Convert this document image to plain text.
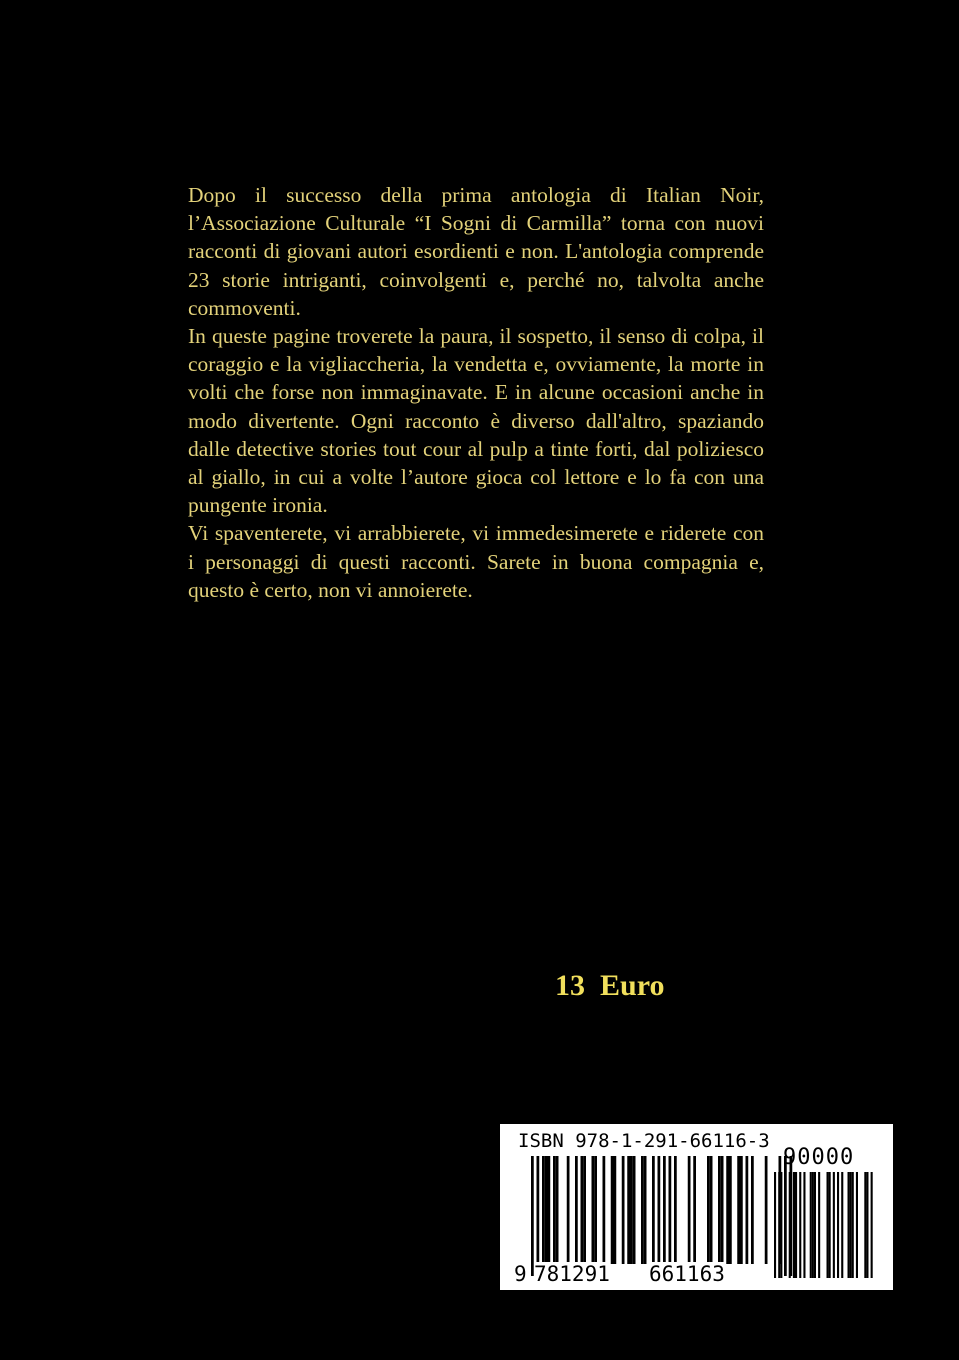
Dopo il successo della prima antologia di Italian Noir, l’Associazione Culturale “I Sogni di Carmilla” torna con nuovi racconti di giovani autori esordienti e non. L'antologia comprende 23 storie intriganti, coinvolgenti e, perché no, talvolta anche commoventi.

In queste pagine troverete la paura, il sospetto, il senso di colpa, il coraggio e la vigliaccheria, la vendetta e, ovviamente, la morte in volti che forse non immaginavate. E in alcune occasioni anche in modo divertente. Ogni racconto è diverso dall'altro, spaziando dalle detective stories tout cour al pulp a tinte forti, dal poliziesco al giallo, in cui a volte l’autore gioca col lettore e lo fa con una pungente ironia.

Vi spaventerete, vi arrabbierete, vi immedesimerete e riderete con i personaggi di questi racconti. Sarete in buona compagnia e, questo è certo, non vi annoierete.

13  Euro
ISBN 978-1-291-66116-3
9 781291 661163
90000
